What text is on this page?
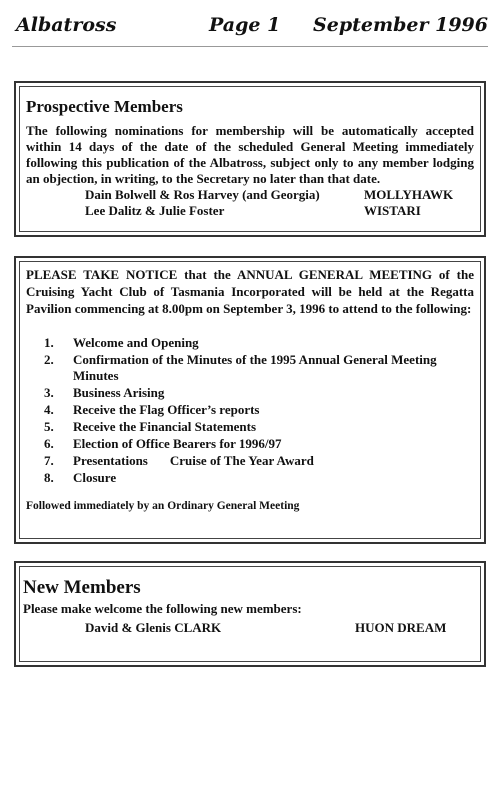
Albatross	Page 1 September 1996
Prospective Members

The following nominations for membership will be automatically accepted within 14 days of the date of the scheduled General Meeting immediately following this publication of the Albatross, subject only to any member lodging an objection, in writing, to the Secretary no later than that date.

Dain Bolwell & Ros Harvey (and Georgia)	MOLLYHAWK
Lee Dalitz & Julie Foster	WISTARI

PLEASE TAKE NOTICE that the ANNUAL GENERAL MEETING of the Cruising Yacht Club of Tasmania Incorporated will be held at the Regatta Pavilion commencing at 8.00pm on September 3, 1996 to attend to the following:

1. Welcome and Opening
2. Confirmation of the Minutes of the 1995 Annual General Meeting Minutes
3. Business Arising
4. Receive the Flag Officer’s reports
5. Receive the Financial Statements
6. Election of Office Bearers for 1996/97
7. Presentations Cruise of The Year Award
8. Closure
Followed immediately by an Ordinary General Meeting
New Members
Please make welcome the following new members:
David & Glenis CLARK	HUON DREAM
